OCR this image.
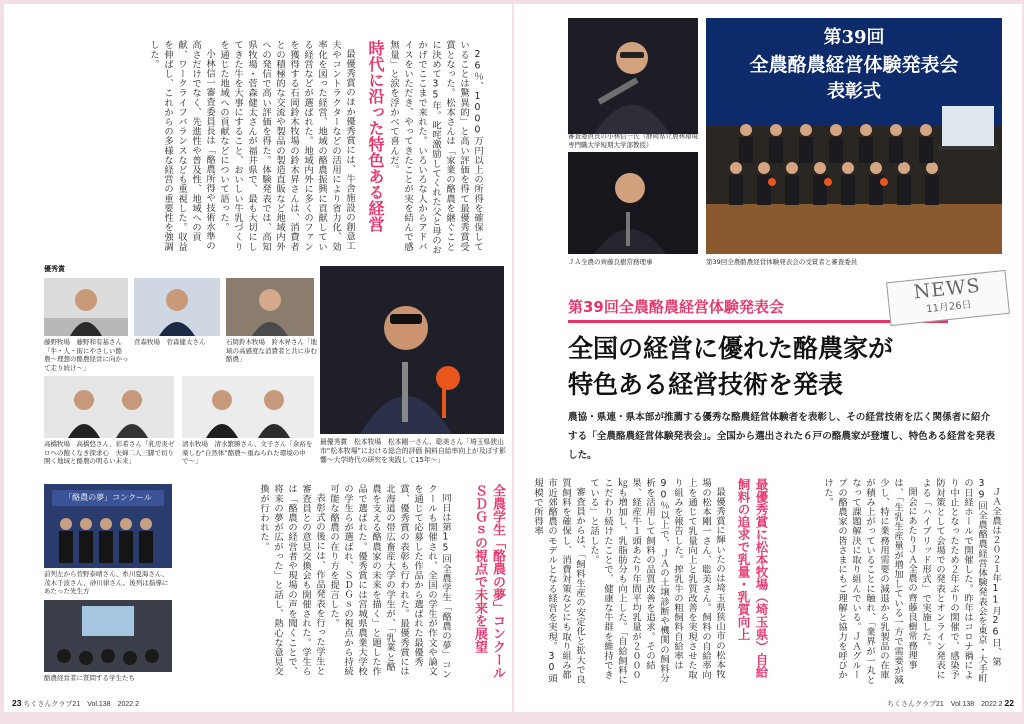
26％、1000万円以上の所得を確保していることは驚異的」と高い評価を得て最優秀賞受賞となった。松本さんは「家業の酪農を継ぐことに決めて35年。叱咤激励してくれた父と母のおかげでここまで来れた。いろいろな人からアドバイスをいただき、やってきたことが実を結んで感無量」と涙を浮かべて喜んだ。
時代に沿った特色ある経営
最優秀賞のほか優秀賞には、牛舎施設の創意工夫やコントラクターなどの活用により省力化、効率化を図った経営、地域の酪農振興に貢献している経営などが選ばれた。地域内外に多くのファンを獲得する石岡鈴木牧場の鈴木昇さんは、消費者との積極的な交流や製品の製造直販など地域内外への発信で高い評価を得た。体験発表では、高知県牧場・菅森健太さんが福井県で、最も大切にしてきた牛を大事にすること、おいしい牛乳づくりを通じた地域への貢献などについて語った。
小林信一審査委員長は「酪農所得や技術水準の高さだけでなく、先進性や普及性、地域への貢献、ワークライフバランスなども重視した。収益を伸ばし、これからの多様な経営の重要性を強調した。
優秀賞
藤野牧場　藤野和有基さん「牛・人・街にやさしい酪農〜理想の酪農経営に向かって走り続け〜」
菅森牧場　菅森健太さん	石岡鈴木牧場　鈴木昇さん「地域の高感度な消費者と共に歩む酪農」
高橋牧場　高橋悠さん、彩希さん「乳房炎ゼロへの飽くなき探求心　夫婦二人三脚で切り開く地域と酪農の明るい未来」
清水牧場　清水繁勝さん、文子さん「余裕を楽しむ“自然体”酪農〜重ねられた環境の中で〜」
最優秀賞　松本牧場　松本剛一さん、聡美さん「埼玉県狭山市“松本牧場”における総合的評価 飼料自給率向上が及ぼす影響〜大学時代の研究を実践して15年〜」
全農学生「酪農の夢」コンクール　ＳＤＧｓの視点で未来を展望
同日は第15回全農学生「酪農の夢」コンクールも開催され、全国の学生が作文や論文を通じて応募した作品から選ばれた最優秀賞、優秀賞の表彰も行われた。最優秀賞には北海道の帯広畜産大学の学生が、「乳業と酪農を支える酪農家の未来を描く」と題した作品で選ばれた。優秀賞には宮城県農業大学校の学生らが選ばれ、ＳＤＧｓの視点から持続可能な酪農の在り方を提言した。
表彰式の後には、作品発表を行った学生と審査員との意見交換会も開催された。学生らは「酪農の経営者や現場の声を聞くことで、将来の夢が広がった」と話し、熱心な意見交換が行われた。
「酪農の夢」コンクール
前列左から菅野泰晴さん、糸川夏海さん、茂木千波さん、砂川律さん。後列は指導にあたった先生方
酪農経営者に質問する学生たち
23 ちくさんクラブ21　Vol.138　2022 2
審査委員長の小林信一氏（静岡県立農林環境専門職大学短期大学部教授）
ＪＡ全農の齊藤良樹常務理事
第39回
全農酪農経営体験発表会
表彰式
第39回全農酪農経営体験発表会の受賞者と審査委員
第39回全農酪農経営体験発表会
NEWS
11月26日
全国の経営に優れた酪農家が
特色ある経営技術を発表
農協・県連・県本部が推薦する優秀な酪農経営体験者を表彰し、その経営技術を広く関係者に紹介する「全農酪農経営体験発表会」。全国から選出された６戸の酪農家が登壇し、特色ある経営を発表した。
ＪＡ全農は２０２１年11月26日、第39回全農酪農経営体験発表会を東京・大手町の日経ホールで開催した。昨年はコロナ禍により中止となったため２年ぶりの開催で、感染予防対策として会場での発表とオンライン発表による「ハイブリッド形式」で実施した。
開会にあたりＪＡ全農の齊藤良樹常務理事は、「生乳生産量が増加している一方で需要が減少し、特に業務用需要の減退から乳製品の在庫が積み上がっていることに触れ、「業界が一丸となって課題解決に取り組んでいる。ＪＡグループの酪農家の皆さまにもご理解と協力を呼びかけた。
最優秀賞に松本牧場（埼玉県）自給飼料の追求で乳量・乳質向上
最優秀賞に輝いたのは埼玉県狭山市の松本牧場の松本剛一さん、聡美さん。飼料の自給率向上を通じて乳量向上と乳質改善を実現させた取り組みを報告した。搾乳牛の粗飼料自給率は90％以上で、ＪＡの土壌診断や機関の飼料分析を活用して飼料の品質改善を追求。その結果、経産牛１頭あたり年間平均乳量が２０００㎏も増加し、乳脂肪分も向上した。「自給飼料にこだわり続けたことで、健康な牛群を維持できている」と話した。
審査員からは、「飼料生産の安定化と拡大で良質飼料を確保し、消費対策などにも取り組み都市近郊酪農のモデルとなる経営を実現。30頭規模で所得率
ちくさんクラブ21　Vol.138　2022 2 22
